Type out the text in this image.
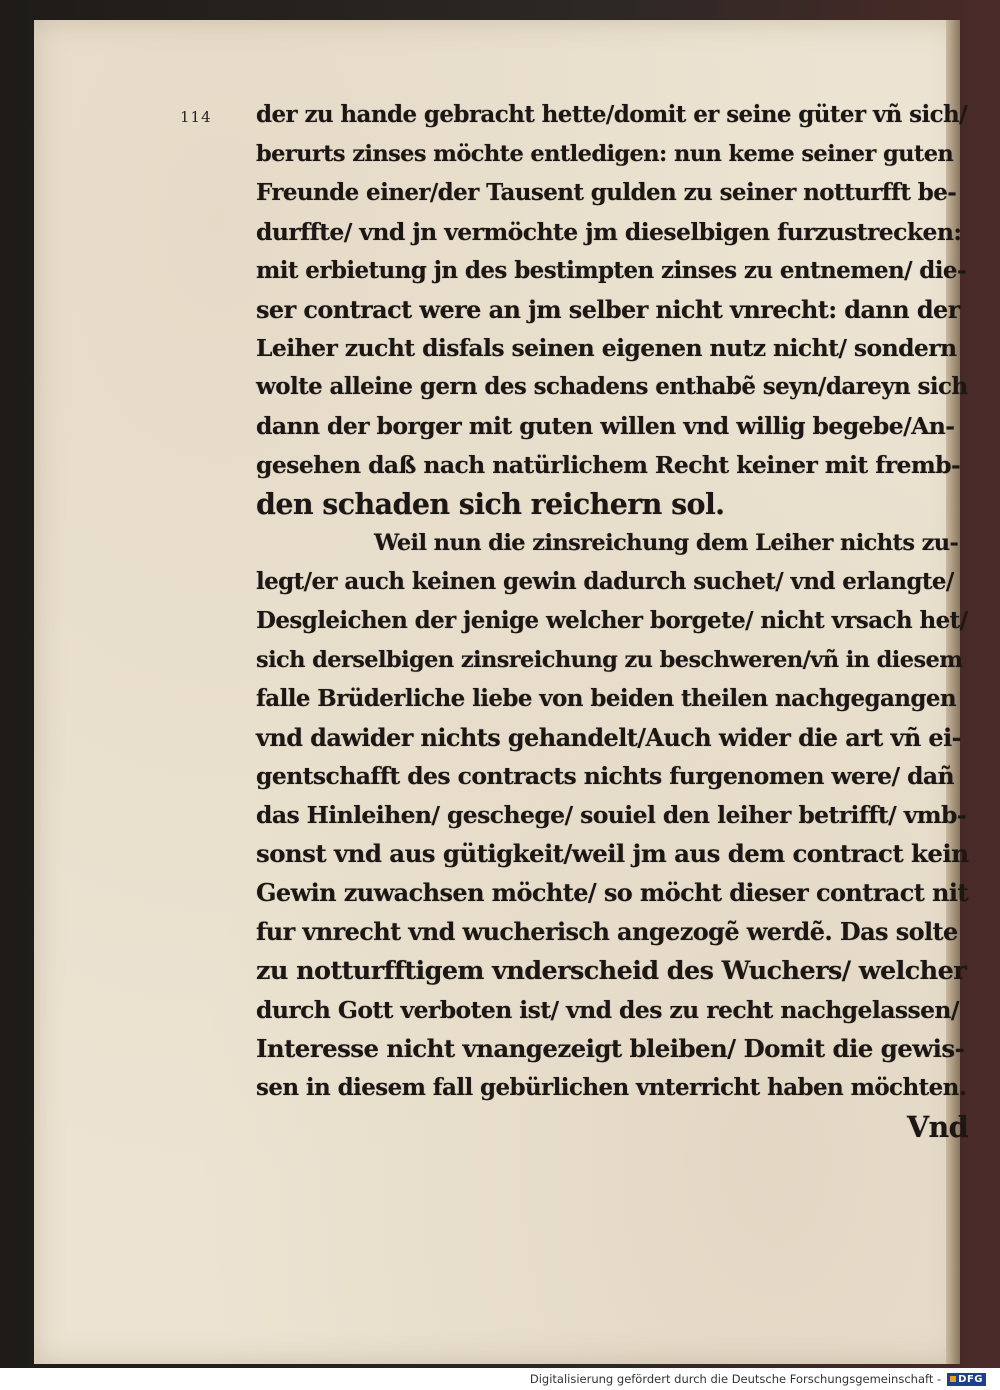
114 der zu hande gebracht hette/domit er seine güter vñ sich/
berurts zinses möchte entledigen: nun keme seiner guten
Freunde einer/der Tausent gulden zu seiner notturfft be-
durffte/ vnd jn vermöchte jm dieselbigen furzustrecken:
mit erbietung jn des bestimpten zinses zu entnemen/ die-
ser contract were an jm selber nicht vnrecht: dann der
Leiher zucht disfals seinen eigenen nutz nicht/ sondern
wolte alleine gern des schadens enthabẽ seyn/dareyn sich
dann der borger mit guten willen vnd willig begebe/An-
gesehen daß nach natürlichem Recht keiner mit fremb-
den schaden sich reichern sol.
Weil nun die zinsreichung dem Leiher nichts zu-
legt/er auch keinen gewin dadurch suchet/ vnd erlangte/
Desgleichen der jenige welcher borgete/ nicht vrsach het/
sich derselbigen zinsreichung zu beschweren/vñ in diesem
falle Brüderliche liebe von beiden theilen nachgegangen
vnd dawider nichts gehandelt/Auch wider die art vñ ei-
gentschafft des contracts nichts furgenomen were/ dañ
das Hinleihen/ geschege/ souiel den leiher betrifft/ vmb-
sonst vnd aus gütigkeit/weil jm aus dem contract kein
Gewin zuwachsen möchte/ so möcht dieser contract nit
fur vnrecht vnd wucherisch angezogẽ werdẽ. Das solte
zu notturfftigem vnderscheid des Wuchers/ welcher
durch Gott verboten ist/ vnd des zu recht nachgelassen/
Interesse nicht vnangezeigt bleiben/ Domit die gewis-
sen in diesem fall gebürlichen vnterricht haben möchten.
Vnd
Digitalisierung gefördert durch die Deutsche Forschungsgemeinschaft -	DFG
